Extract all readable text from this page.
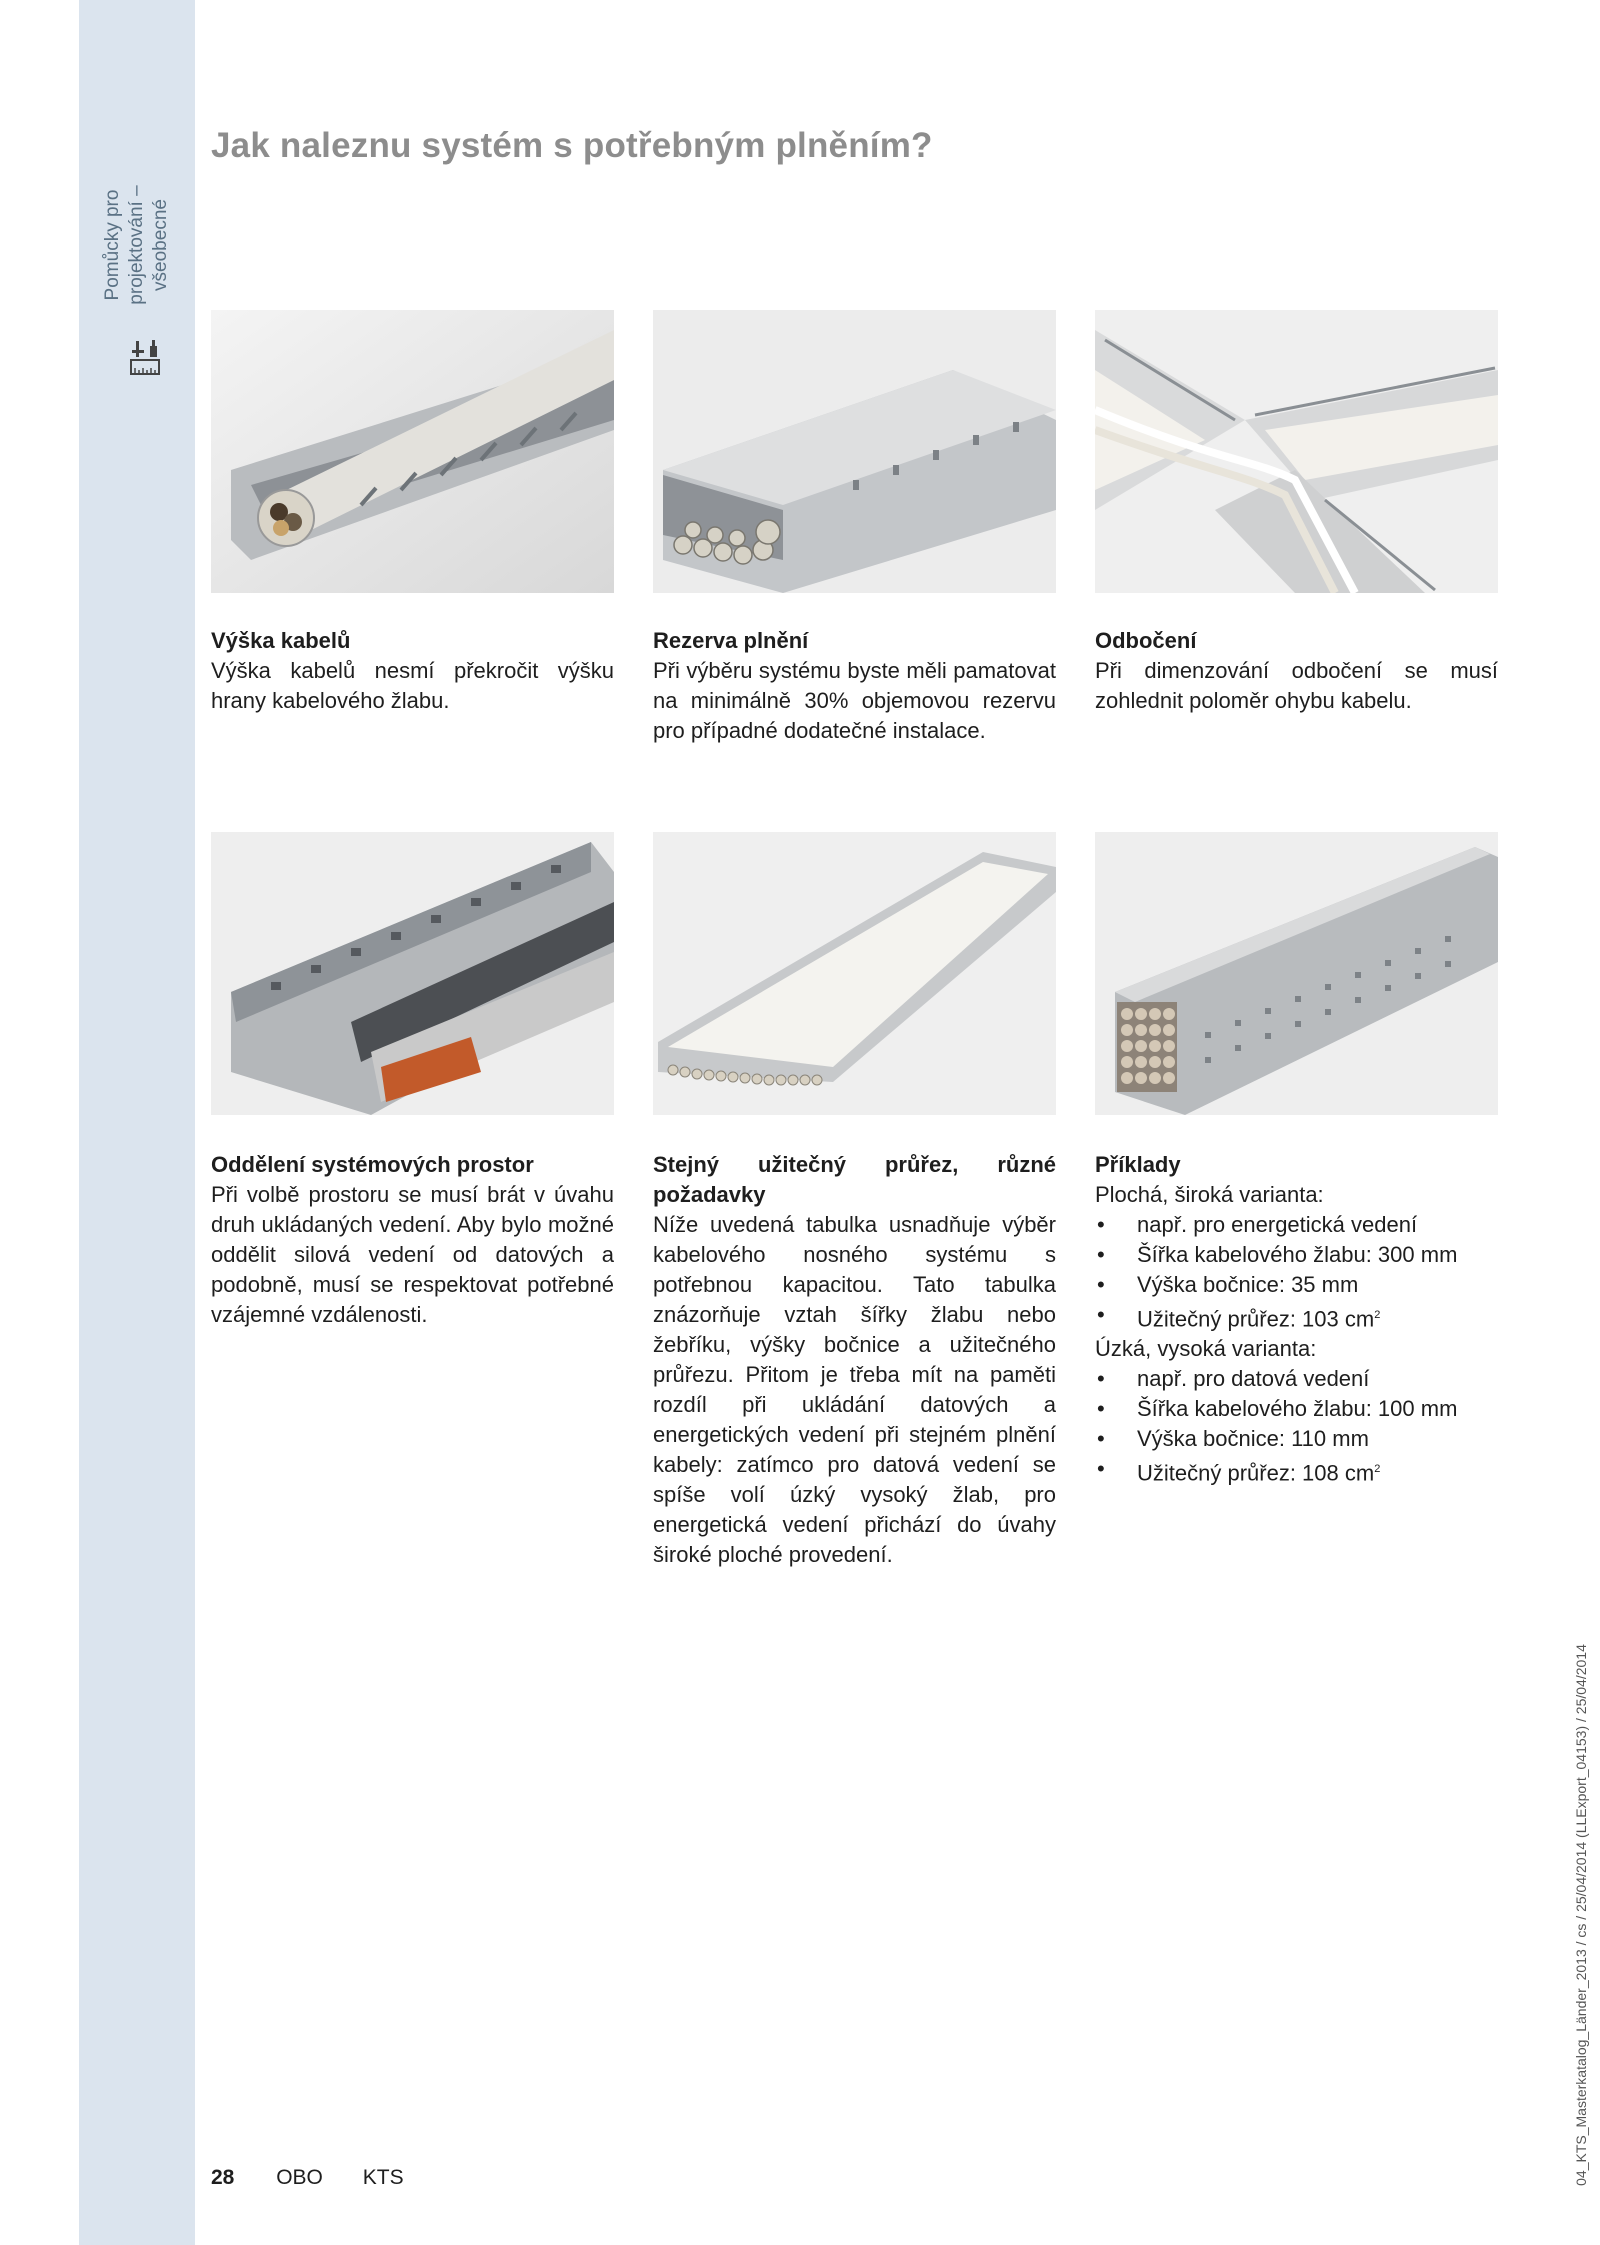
Pomůcky pro
projektování –
všeobecné
Jak naleznu systém s potřebným plněním?
Výška kabelů
Výška kabelů nesmí překročit výšku hrany kabelového žlabu.
Rezerva plnění
Při výběru systému byste měli pamatovat na minimálně 30% objemovou rezervu pro případné dodatečné instalace.
Odbočení
Při dimenzování odbočení se musí zohlednit poloměr ohybu kabelu.
Oddělení systémových prostor
Při volbě prostoru se musí brát v úvahu druh ukládaných vedení. Aby bylo možné oddělit silová vedení od datových a podobně, musí se respektovat potřebné vzájemné vzdálenosti.
Stejný užitečný průřez, různé požadavky
Níže uvedená tabulka usnadňuje výběr kabelového nosného systému s potřebnou kapacitou. Tato tabulka znázorňuje vztah šířky žlabu nebo žebříku, výšky bočnice a užitečného průřezu. Přitom je třeba mít na paměti rozdíl při ukládání datových a energetických vedení při stejném plnění kabely: zatímco pro datová vedení se spíše volí úzký vysoký žlab, pro energetická vedení přichází do úvahy široké ploché provedení.
Příklady
Plochá, široká varianta:
• např. pro energetická vedení
• Šířka kabelového žlabu: 300 mm
• Výška bočnice: 35 mm
• Užitečný průřez: 103 $cm^2$
Úzká, vysoká varianta:
• např. pro datová vedení
• Šířka kabelového žlabu: 100 mm
• Výška bočnice: 110 mm
• Užitečný průřez: 108 $cm^2$
04_KTS_Masterkatalog_Länder_2013 / cs / 25/04/2014 (LLExport_04153) / 25/04/2014
28 OBO KTS
